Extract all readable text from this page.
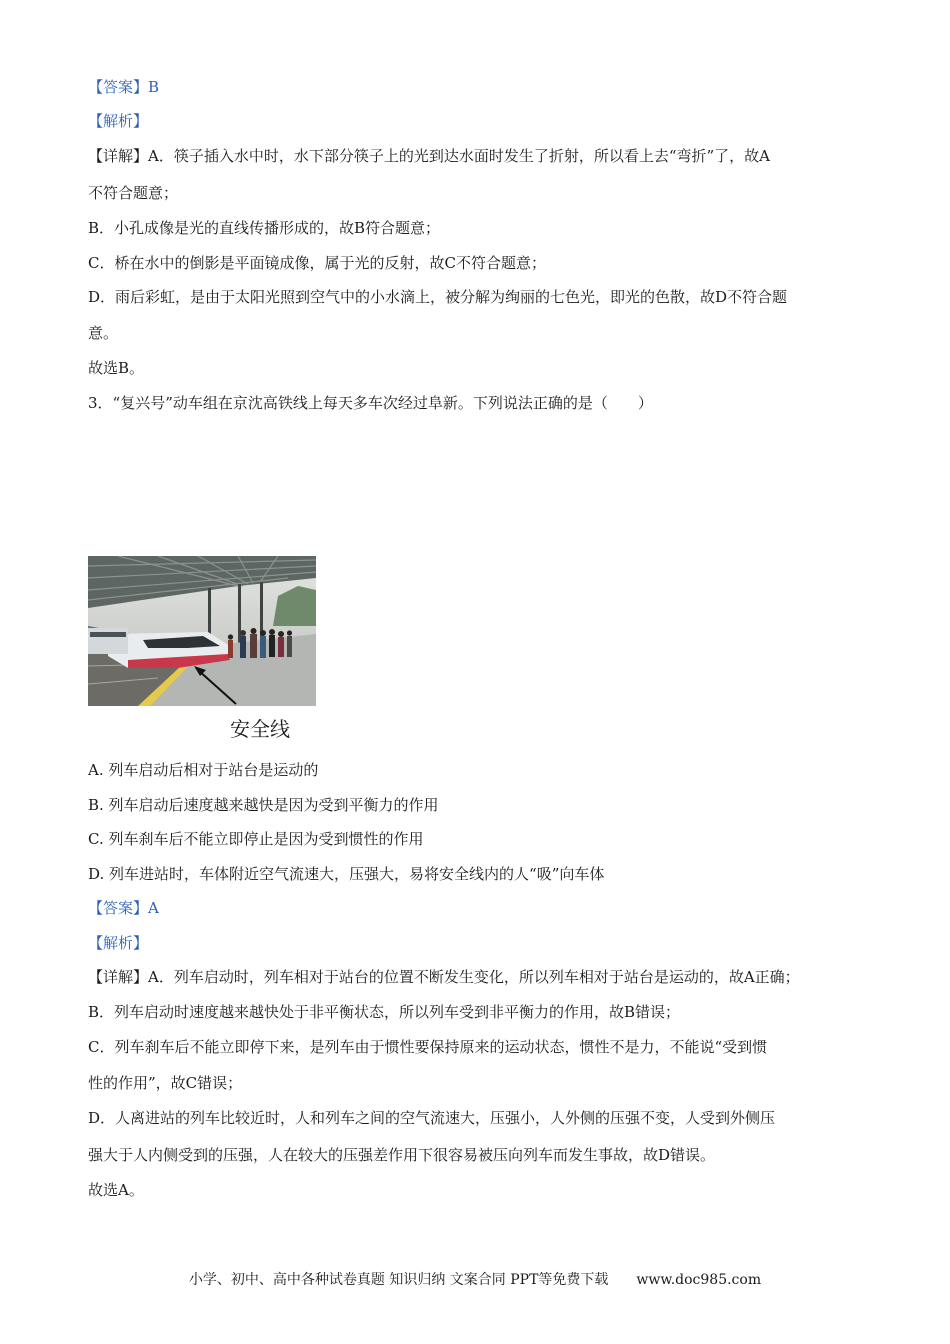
【答案】B
【解析】
【详解】A．筷子插入水中时，水下部分筷子上的光到达水面时发生了折射，所以看上去“弯折”了，故A
不符合题意；
B．小孔成像是光的直线传播形成的，故B符合题意；
C．桥在水中的倒影是平面镜成像，属于光的反射，故C不符合题意；
D．雨后彩虹，是由于太阳光照到空气中的小水滴上，被分解为绚丽的七色光，即光的色散，故D不符合题
意。
故选B。
3．“复兴号”动车组在京沈高铁线上每天多车次经过阜新。下列说法正确的是（　　）
安全线
A. 列车启动后相对于站台是运动的
B. 列车启动后速度越来越快是因为受到平衡力的作用
C. 列车刹车后不能立即停止是因为受到惯性的作用
D. 列车进站时，车体附近空气流速大，压强大，易将安全线内的人“吸”向车体
【答案】A
【解析】
【详解】A．列车启动时，列车相对于站台的位置不断发生变化，所以列车相对于站台是运动的，故A正确；
B．列车启动时速度越来越快处于非平衡状态，所以列车受到非平衡力的作用，故B错误；
C．列车刹车后不能立即停下来，是列车由于惯性要保持原来的运动状态，惯性不是力，不能说“受到惯
性的作用”，故C错误；
D．人离进站的列车比较近时，人和列车之间的空气流速大，压强小，人外侧的压强不变，人受到外侧压
强大于人内侧受到的压强，人在较大的压强差作用下很容易被压向列车而发生事故，故D错误。
故选A。
小学、初中、高中各种试卷真题 知识归纳 文案合同 PPT等免费下载　　www.doc985.com
